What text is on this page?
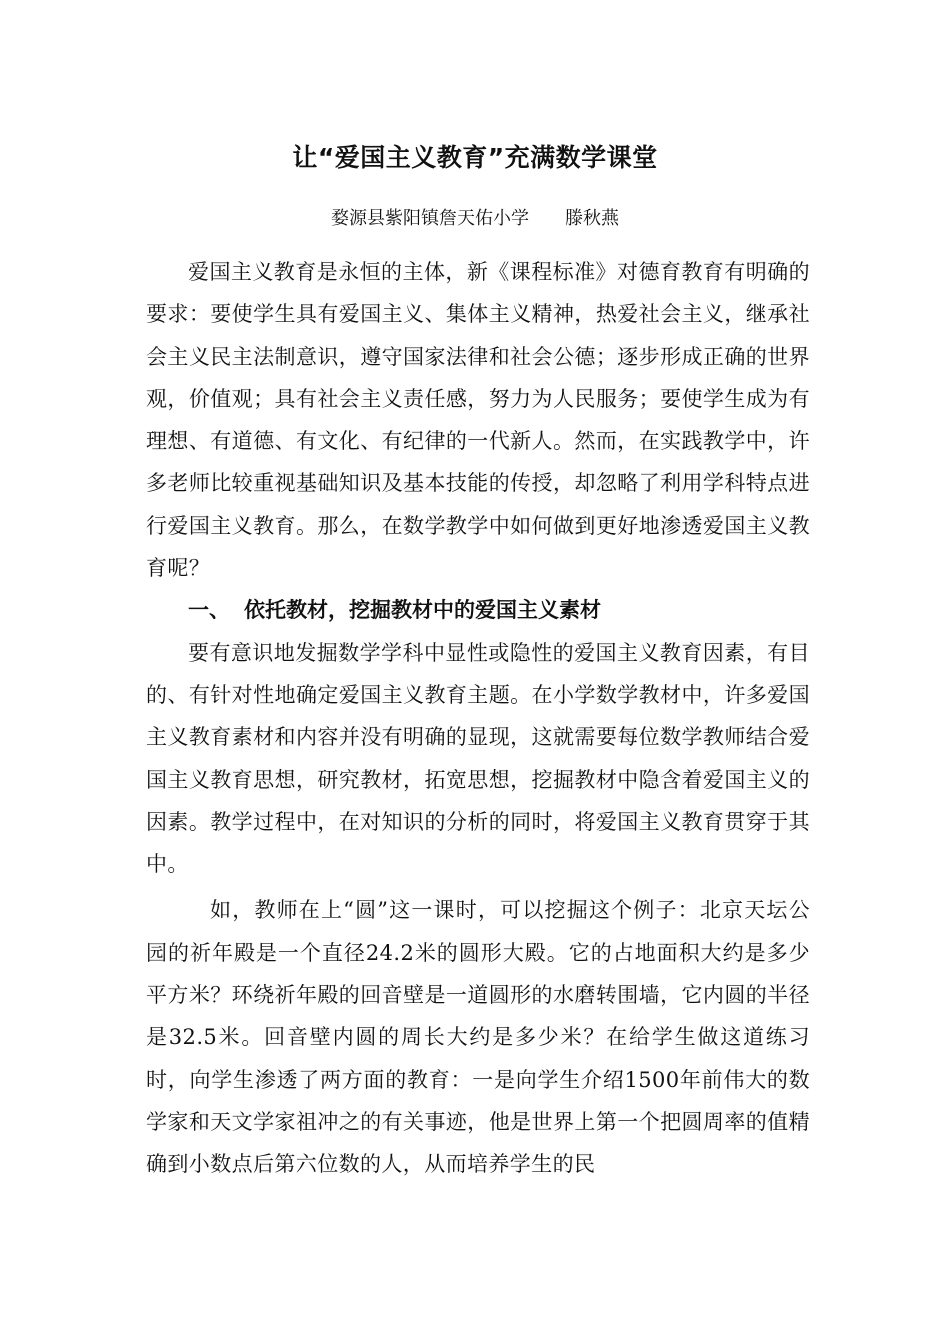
让“爱国主义教育”充满数学课堂
婺源县紫阳镇詹天佑小学 滕秋燕

爱国主义教育是永恒的主体，新《课程标准》对德育教育有明确的要求：要使学生具有爱国主义、集体主义精神，热爱社会主义，继承社会主义民主法制意识，遵守国家法律和社会公德；逐步形成正确的世界观，价值观；具有社会主义责任感，努力为人民服务；要使学生成为有理想、有道德、有文化、有纪律的一代新人。然而，在实践教学中，许多老师比较重视基础知识及基本技能的传授，却忽略了利用学科特点进行爱国主义教育。那么，在数学教学中如何做到更好地渗透爱国主义教育呢？

一、 依托教材，挖掘教材中的爱国主义素材

要有意识地发掘数学学科中显性或隐性的爱国主义教育因素，有目的、有针对性地确定爱国主义教育主题。在小学数学教材中，许多爱国主义教育素材和内容并没有明确的显现，这就需要每位数学教师结合爱国主义教育思想，研究教材，拓宽思想，挖掘教材中隐含着爱国主义的因素。教学过程中，在对知识的分析的同时，将爱国主义教育贯穿于其中。

如，教师在上“圆”这一课时，可以挖掘这个例子：北京天坛公园的祈年殿是一个直径24.2米的圆形大殿。它的占地面积大约是多少平方米？环绕祈年殿的回音壁是一道圆形的水磨转围墙，它内圆的半径是32.5米。回音壁内圆的周长大约是多少米？在给学生做这道练习时，向学生渗透了两方面的教育：一是向学生介绍1500年前伟大的数学家和天文学家祖冲之的有关事迹，他是世界上第一个把圆周率的值精确到小数点后第六位数的人，从而培养学生的民
